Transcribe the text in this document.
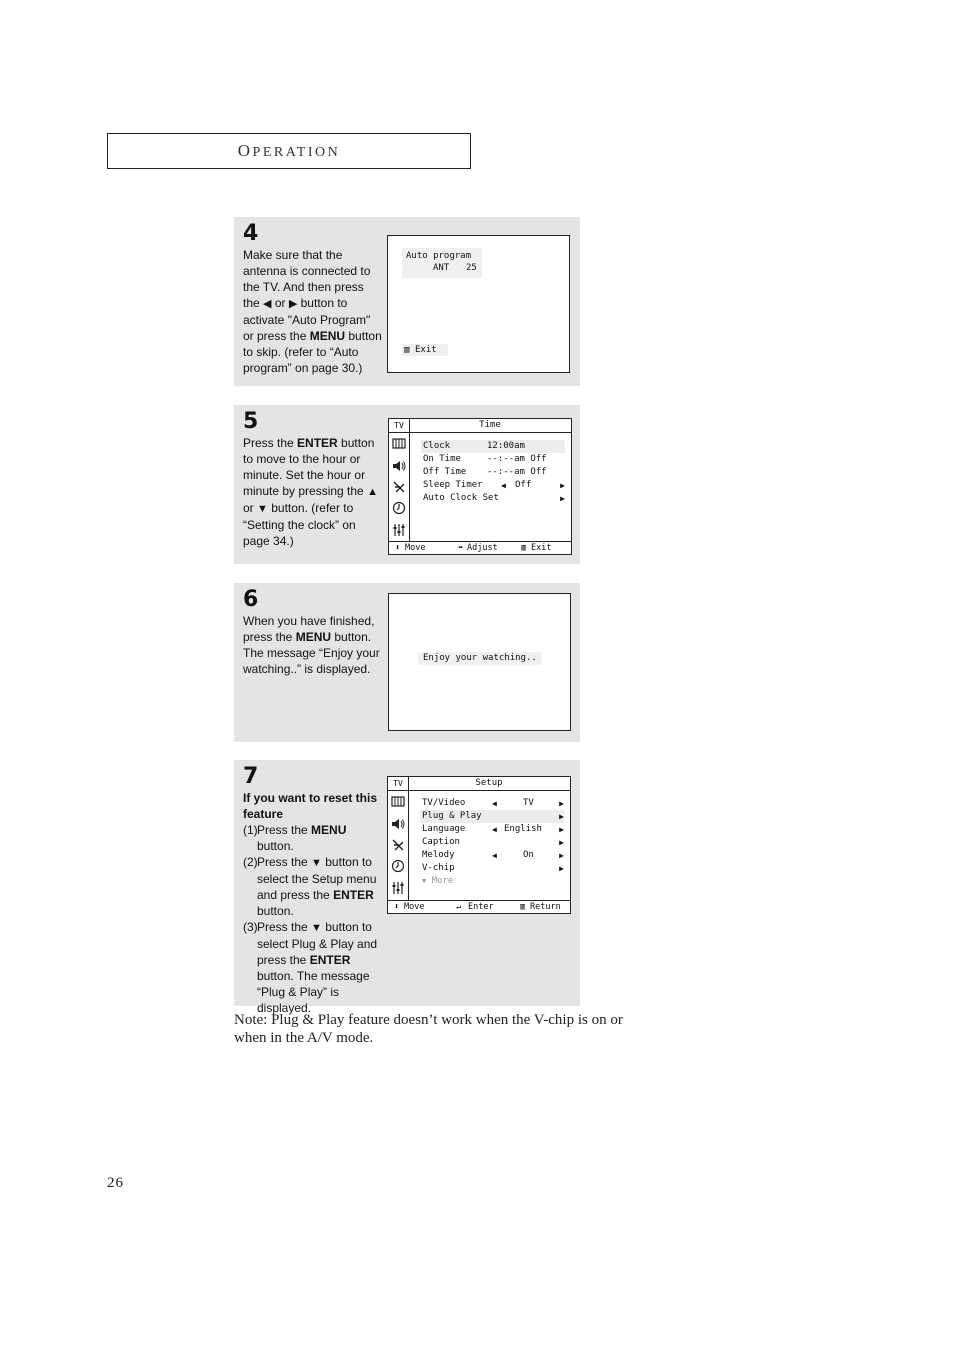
OPERATION
4
Make sure that the antenna is connected to the TV. And then press the ◀ or ▶ button to activate "Auto Program" or press the MENU button to skip. (refer to “Auto program” on page 30.)
Auto program
ANT 25
▥ Exit
5
Press the ENTER button to move to the hour or minute. Set the hour or minute by pressing the ▲ or ▼ button. (refer to “Setting the clock” on page 34.)
TV	Time
Clock	12:00am
On Time	--:--am Off
Off Time --:--am Off
Sleep Timer ◀ Off	▶
Auto Clock Set	▶
⬍ Move	⬌ Adjust	▥ Exit
6
When you have finished, press the MENU button. The message “Enjoy your watching..” is displayed.
Enjoy your watching..
7
If you want to reset this feature
(1) Press the MENU button.
(2) Press the ▼ button to select the Setup menu and press the ENTER button.
(3) Press the ▼ button to select Plug & Play and press the ENTER button. The message “Plug & Play” is displayed.
TV	Setup
TV/Video	◀	TV	▶
Plug & Play	▶
Language	◀ English ▶
Caption	▶
Melody	◀	On	▶
V-chip	▶
▼ More
⬍ Move	↵ Enter	▥ Return
Note: Plug & Play feature doesn’t work when the V-chip is on or when in the A/V mode.
26
